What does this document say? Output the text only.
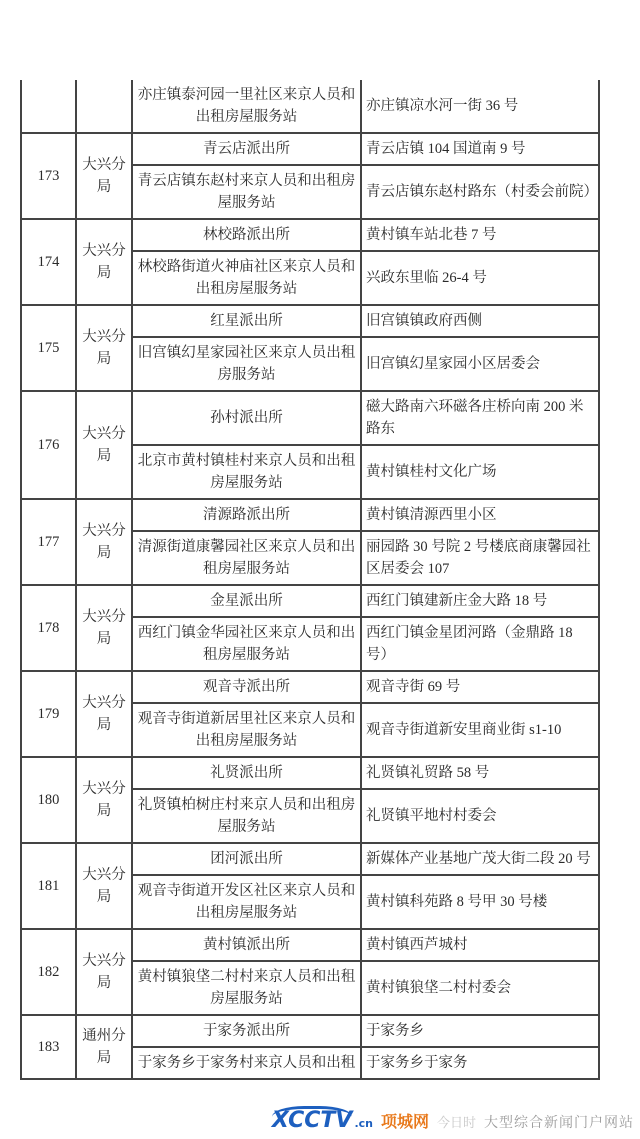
		亦庄镇泰河园一里社区来京人员和出租房屋服务站	亦庄镇凉水河一街 36 号
173	大兴分局	青云店派出所	青云店镇 104 国道南 9 号
		青云店镇东赵村来京人员和出租房屋服务站	青云店镇东赵村路东（村委会前院）
174	大兴分局	林校路派出所	黄村镇车站北巷 7 号
		林校路街道火神庙社区来京人员和出租房屋服务站	兴政东里临 26-4 号
175	大兴分局	红星派出所	旧宫镇镇政府西侧
		旧宫镇幻星家园社区来京人员出租房服务站	旧宫镇幻星家园小区居委会
176	大兴分局	孙村派出所	磁大路南六环磁各庄桥向南 200 米路东
		北京市黄村镇桂村来京人员和出租房屋服务站	黄村镇桂村文化广场
177	大兴分局	清源路派出所	黄村镇清源西里小区
		清源街道康馨园社区来京人员和出租房屋服务站	丽园路 30 号院 2 号楼底商康馨园社区居委会 107
178	大兴分局	金星派出所	西红门镇建新庄金大路 18 号
		西红门镇金华园社区来京人员和出租房屋服务站	西红门镇金星团河路（金鼎路 18 号）
179	大兴分局	观音寺派出所	观音寺街 69 号
		观音寺街道新居里社区来京人员和出租房屋服务站	观音寺街道新安里商业街 s1-10
180	大兴分局	礼贤派出所	礼贤镇礼贸路 58 号
		礼贤镇柏树庄村来京人员和出租房屋服务站	礼贤镇平地村村委会
181	大兴分局	团河派出所	新媒体产业基地广茂大街二段 20 号
		观音寺街道开发区社区来京人员和出租房屋服务站	黄村镇科苑路 8 号甲 30 号楼
182	大兴分局	黄村镇派出所	黄村镇西芦城村
		黄村镇狼垡二村村来京人员和出租房屋服务站	黄村镇狼垡二村村委会
183	通州分局	于家务派出所	于家务乡
		于家务乡于家务村来京人员和出租	于家务乡于家务
XCCTV .cn 项城网 今日时 大型综合新闻门户网站
